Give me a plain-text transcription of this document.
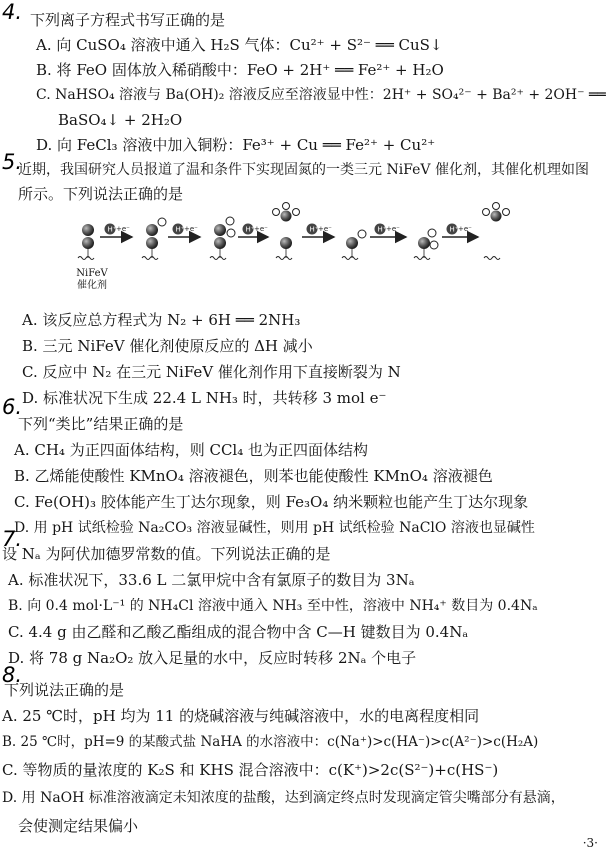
4.
5.
6.
7.
8.
下列离子方程式书写正确的是
A. 向 CuSO₄ 溶液中通入 H₂S 气体：Cu²⁺ + S²⁻ ══ CuS↓
B. 将 FeO 固体放入稀硝酸中：FeO + 2H⁺ ══ Fe²⁺ + H₂O
C. NaHSO₄ 溶液与 Ba(OH)₂ 溶液反应至溶液显中性：2H⁺ + SO₄²⁻ + Ba²⁺ + 2OH⁻ ══
BaSO₄↓ + 2H₂O
D. 向 FeCl₃ 溶液中加入铜粉：Fe³⁺ + Cu ══ Fe²⁺ + Cu²⁺
近期，我国研究人员报道了温和条件下实现固氮的一类三元 NiFeV 催化剂，其催化机理如图
所示。下列说法正确的是
H⁺ +e⁻	H⁺ +e⁻	H⁺ +e⁻	H⁺ +e⁻	H⁺ +e⁻	H⁺ +e⁻
NiFeV
催化剂
A. 该反应总方程式为 N₂ + 6H ══ 2NH₃
B. 三元 NiFeV 催化剂使原反应的 ΔH 减小
C. 反应中 N₂ 在三元 NiFeV 催化剂作用下直接断裂为 N
D. 标准状况下生成 22.4 L NH₃ 时，共转移 3 mol e⁻
下列“类比”结果正确的是
A. CH₄ 为正四面体结构，则 CCl₄ 也为正四面体结构
B. 乙烯能使酸性 KMnO₄ 溶液褪色，则苯也能使酸性 KMnO₄ 溶液褪色
C. Fe(OH)₃ 胶体能产生丁达尔现象，则 Fe₃O₄ 纳米颗粒也能产生丁达尔现象
D. 用 pH 试纸检验 Na₂CO₃ 溶液显碱性，则用 pH 试纸检验 NaClO 溶液也显碱性
设 Nₐ 为阿伏加德罗常数的值。下列说法正确的是
A. 标准状况下，33.6 L 二氯甲烷中含有氯原子的数目为 3Nₐ
B. 向 0.4 mol·L⁻¹ 的 NH₄Cl 溶液中通入 NH₃ 至中性，溶液中 NH₄⁺ 数目为 0.4Nₐ
C. 4.4 g 由乙醛和乙酸乙酯组成的混合物中含 C—H 键数目为 0.4Nₐ
D. 将 78 g Na₂O₂ 放入足量的水中，反应时转移 2Nₐ 个电子
下列说法正确的是
A. 25 ℃时，pH 均为 11 的烧碱溶液与纯碱溶液中，水的电离程度相同
B. 25 ℃时，pH=9 的某酸式盐 NaHA 的水溶液中：c(Na⁺)>c(HA⁻)>c(A²⁻)>c(H₂A)
C. 等物质的量浓度的 K₂S 和 KHS 混合溶液中：c(K⁺)>2c(S²⁻)+c(HS⁻)
D. 用 NaOH 标准溶液滴定未知浓度的盐酸，达到滴定终点时发现滴定管尖嘴部分有悬滴，
会使测定结果偏小
·3·
